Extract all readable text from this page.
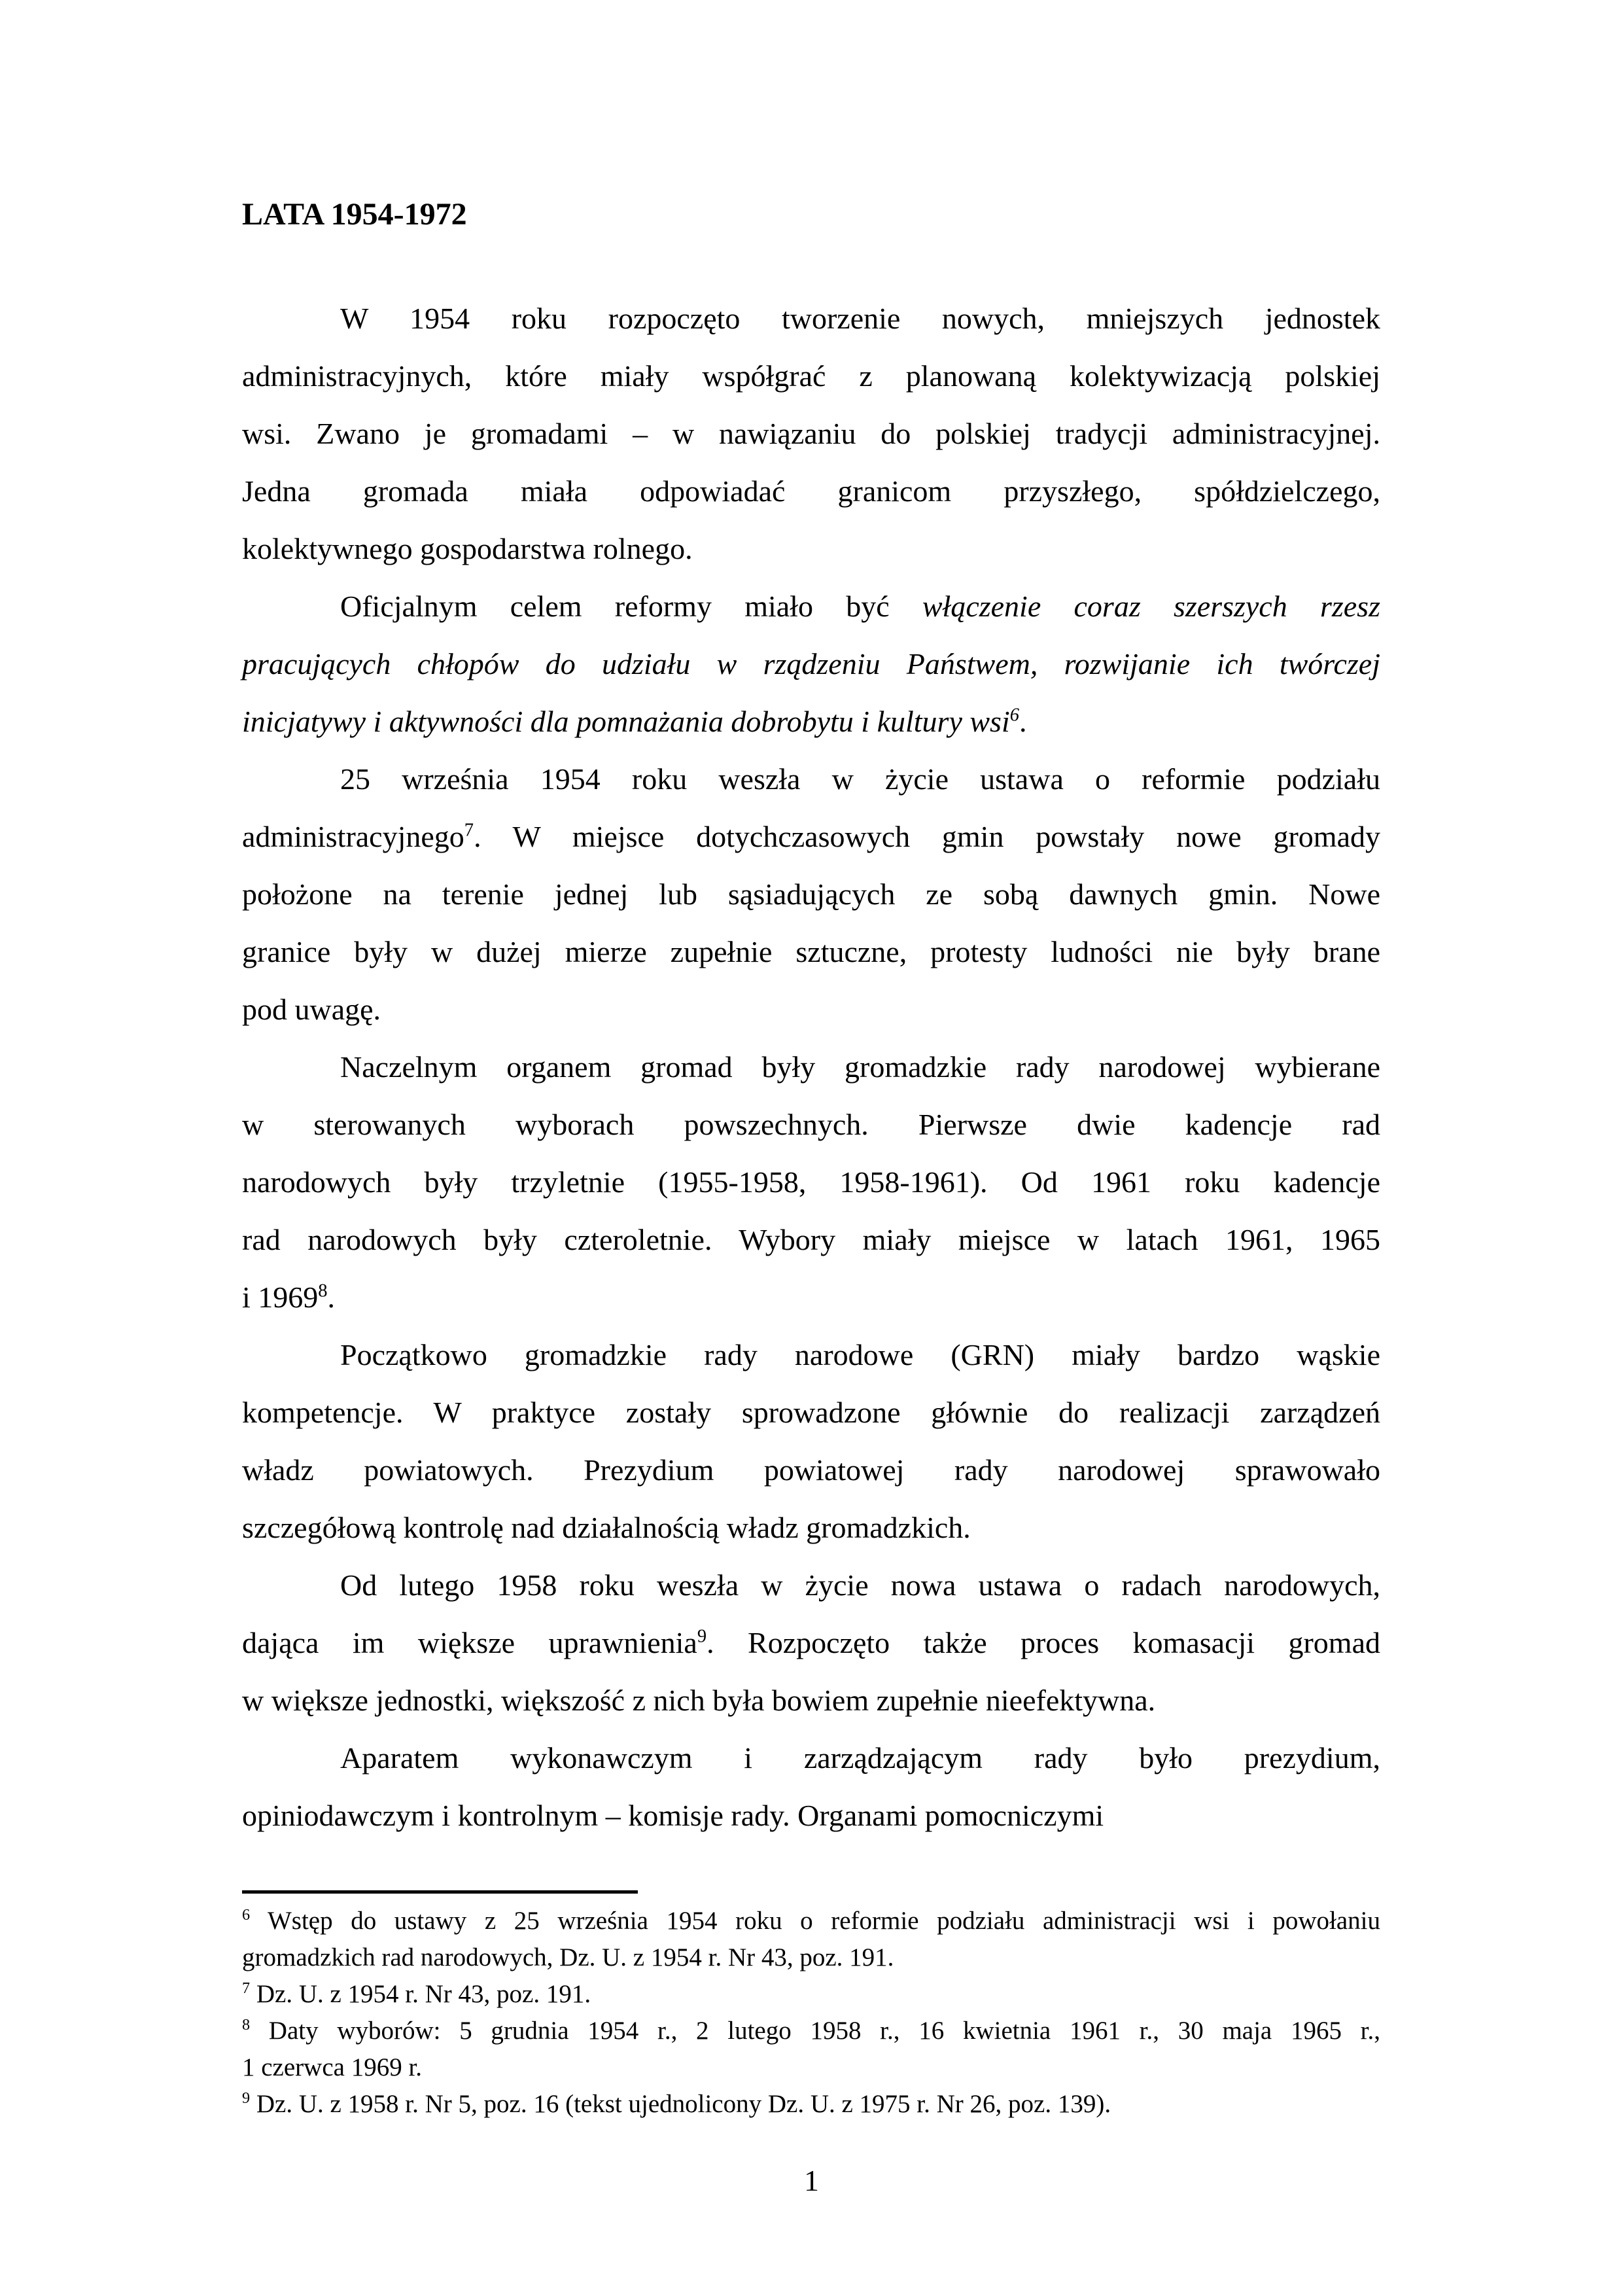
LATA 1954-1972
W 1954 roku rozpoczęto tworzenie nowych, mniejszych jednostek
administracyjnych, które miały współgrać z planowaną kolektywizacją polskiej
wsi. Zwano je gromadami – w nawiązaniu do polskiej tradycji administracyjnej.
Jedna gromada miała odpowiadać granicom przyszłego, spółdzielczego,
kolektywnego gospodarstwa rolnego.
Oficjalnym celem reformy miało być włączenie coraz szerszych rzesz
pracujących chłopów do udziału w rządzeniu Państwem, rozwijanie ich twórczej
inicjatywy i aktywności dla pomnażania dobrobytu i kultury wsi$^6$.
25 września 1954 roku weszła w życie ustawa o reformie podziału
administracyjnego$^7$. W miejsce dotychczasowych gmin powstały nowe gromady
położone na terenie jednej lub sąsiadujących ze sobą dawnych gmin. Nowe
granice były w dużej mierze zupełnie sztuczne, protesty ludności nie były brane
pod uwagę.
Naczelnym organem gromad były gromadzkie rady narodowej wybierane
w sterowanych wyborach powszechnych. Pierwsze dwie kadencje rad
narodowych były trzyletnie (1955-1958, 1958-1961). Od 1961 roku kadencje
rad narodowych były czteroletnie. Wybory miały miejsce w latach 1961, 1965
i 1969$^8$.
Początkowo gromadzkie rady narodowe (GRN) miały bardzo wąskie
kompetencje. W praktyce zostały sprowadzone głównie do realizacji zarządzeń
władz powiatowych. Prezydium powiatowej rady narodowej sprawowało
szczegółową kontrolę nad działalnością władz gromadzkich.
Od lutego 1958 roku weszła w życie nowa ustawa o radach narodowych,
dająca im większe uprawnienia$^9$. Rozpoczęto także proces komasacji gromad
w większe jednostki, większość z nich była bowiem zupełnie nieefektywna.
Aparatem wykonawczym i zarządzającym rady było prezydium,
opiniodawczym i kontrolnym – komisje rady. Organami pomocniczymi
$^6$ Wstęp do ustawy z 25 września 1954 roku o reformie podziału administracji wsi i powołaniu
gromadzkich rad narodowych, Dz. U. z 1954 r. Nr 43, poz. 191.
$^7$ Dz. U. z 1954 r. Nr 43, poz. 191.
$^8$ Daty wyborów: 5 grudnia 1954 r., 2 lutego 1958 r., 16 kwietnia 1961 r., 30 maja 1965 r.,
1 czerwca 1969 r.
$^9$ Dz. U. z 1958 r. Nr 5, poz. 16 (tekst ujednolicony Dz. U. z 1975 r. Nr 26, poz. 139).
1
